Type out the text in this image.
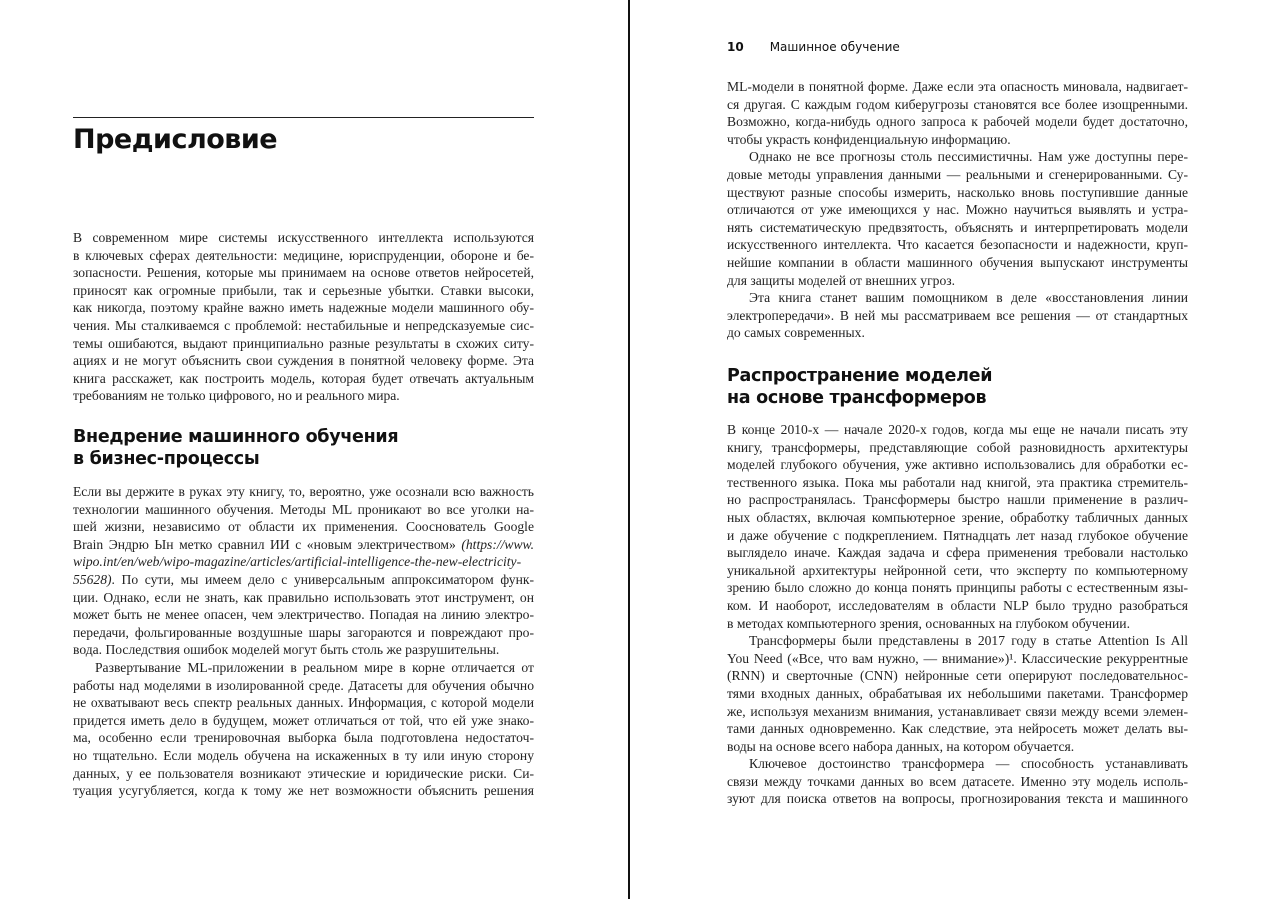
Предисловие
В современном мире системы искусственного интеллекта используются
в ключевых сферах деятельности: медицине, юриспруденции, обороне и бе-
зопасности. Решения, которые мы принимаем на основе ответов нейросетей,
приносят как огромные прибыли, так и серьезные убытки. Ставки высоки,
как никогда, поэтому крайне важно иметь надежные модели машинного обу-
чения. Мы сталкиваемся с проблемой: нестабильные и непредсказуемые сис-
темы ошибаются, выдают принципиально разные результаты в схожих ситу-
ациях и не могут объяснить свои суждения в понятной человеку форме. Эта
книга расскажет, как построить модель, которая будет отвечать актуальным
требованиям не только цифрового, но и реального мира.
Внедрение машинного обучения
в бизнес-процессы
Если вы держите в руках эту книгу, то, вероятно, уже осознали всю важность
технологии машинного обучения. Методы ML проникают во все уголки на-
шей жизни, независимо от области их применения. Сооснователь Google
Brain Эндрю Ын метко сравнил ИИ с «новым электричеством» (https://www.
wipo.int/en/web/wipo-magazine/articles/artificial-intelligence-the-new-electricity-
55628). По сути, мы имеем дело с универсальным аппроксиматором функ-
ции. Однако, если не знать, как правильно использовать этот инструмент, он
может быть не менее опасен, чем электричество. Попадая на линию электро-
передачи, фольгированные воздушные шары загораются и повреждают про-
вода. Последствия ошибок моделей могут быть столь же разрушительны.
Развертывание ML-приложении в реальном мире в корне отличается от
работы над моделями в изолированной среде. Датасеты для обучения обычно
не охватывают весь спектр реальных данных. Информация, с которой модели
придется иметь дело в будущем, может отличаться от той, что ей уже знако-
ма, особенно если тренировочная выборка была подготовлена недостаточ-
но тщательно. Если модель обучена на искаженных в ту или иную сторону
данных, у ее пользователя возникают этические и юридические риски. Си-
туация усугубляется, когда к тому же нет возможности объяснить решения
10 Машинное обучение
ML-модели в понятной форме. Даже если эта опасность миновала, надвигает-
ся другая. С каждым годом киберугрозы становятся все более изощренными.
Возможно, когда-нибудь одного запроса к рабочей модели будет достаточно,
чтобы украсть конфиденциальную информацию.
Однако не все прогнозы столь пессимистичны. Нам уже доступны пере-
довые методы управления данными — реальными и сгенерированными. Су-
ществуют разные способы измерить, насколько вновь поступившие данные
отличаются от уже имеющихся у нас. Можно научиться выявлять и устра-
нять систематическую предвзятость, объяснять и интерпретировать модели
искусственного интеллекта. Что касается безопасности и надежности, круп-
нейшие компании в области машинного обучения выпускают инструменты
для защиты моделей от внешних угроз.
Эта книга станет вашим помощником в деле «восстановления линии
электропередачи». В ней мы рассматриваем все решения — от стандартных
до самых современных.
Распространение моделей
на основе трансформеров
В конце 2010-х — начале 2020-х годов, когда мы еще не начали писать эту
книгу, трансформеры, представляющие собой разновидность архитектуры
моделей глубокого обучения, уже активно использовались для обработки ес-
тественного языка. Пока мы работали над книгой, эта практика стремитель-
но распространялась. Трансформеры быстро нашли применение в различ-
ных областях, включая компьютерное зрение, обработку табличных данных
и даже обучение с подкреплением. Пятнадцать лет назад глубокое обучение
выглядело иначе. Каждая задача и сфера применения требовали настолько
уникальной архитектуры нейронной сети, что эксперту по компьютерному
зрению было сложно до конца понять принципы работы с естественным язы-
ком. И наоборот, исследователям в области NLP было трудно разобраться
в методах компьютерного зрения, основанных на глубоком обучении.
Трансформеры были представлены в 2017 году в статье Attention Is All
You Need («Все, что вам нужно, — внимание»)¹. Классические рекуррентные
(RNN) и сверточные (CNN) нейронные сети оперируют последовательнос-
тями входных данных, обрабатывая их небольшими пакетами. Трансформер
же, используя механизм внимания, устанавливает связи между всеми элемен-
тами данных одновременно. Как следствие, эта нейросеть может делать вы-
воды на основе всего набора данных, на котором обучается.
Ключевое достоинство трансформера — способность устанавливать
связи между точками данных во всем датасете. Именно эту модель исполь-
зуют для поиска ответов на вопросы, прогнозирования текста и машинного
